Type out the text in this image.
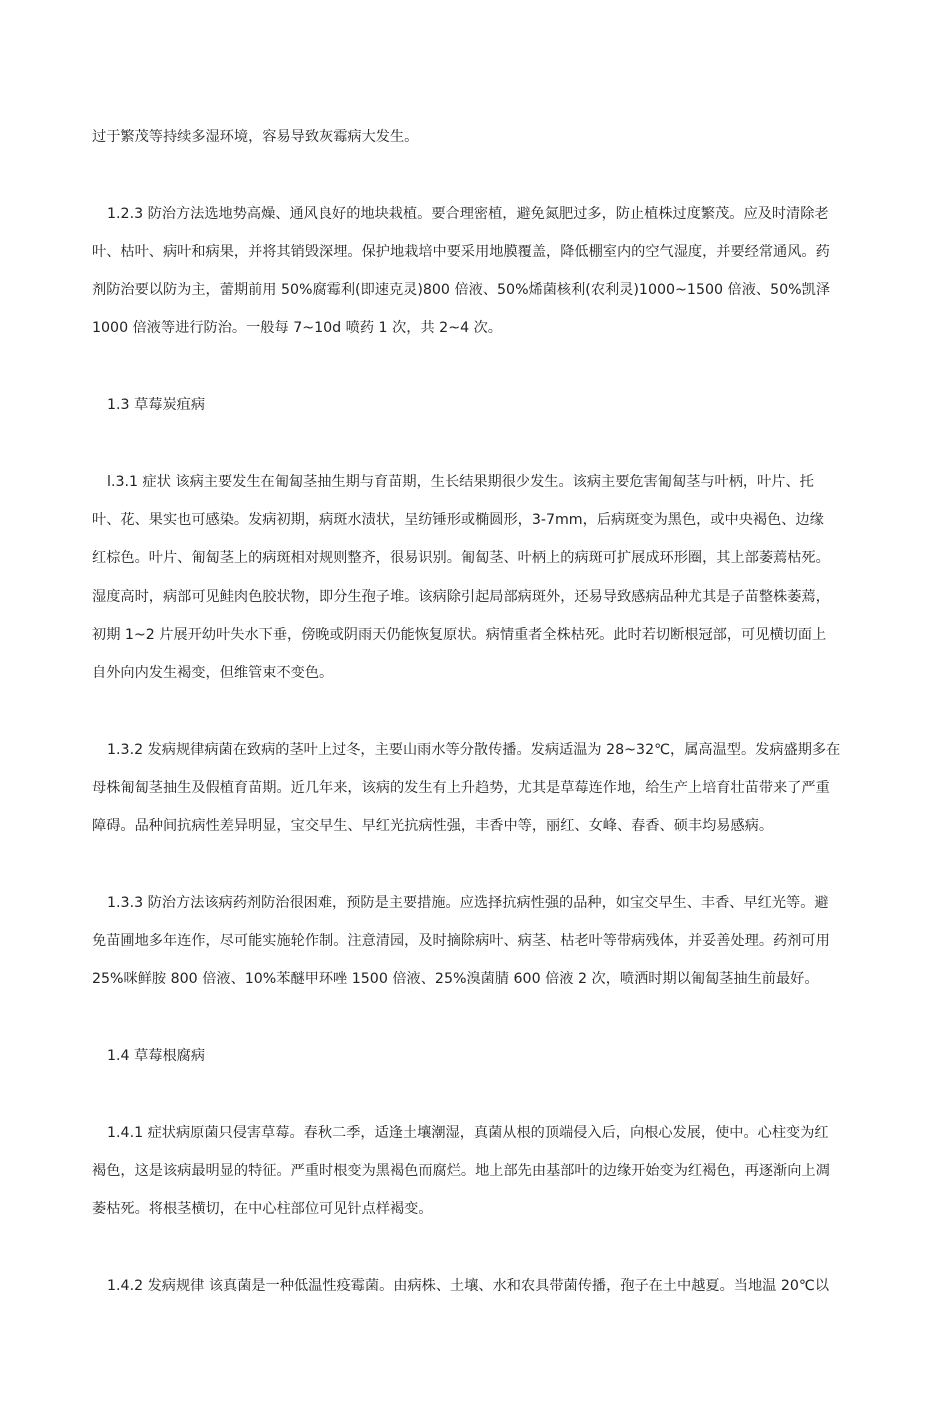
过于繁茂等持续多湿环境，容易导致灰霉病大发生。
1.2.3 防治方法选地势高燥、通风良好的地块栽植。要合理密植，避免氮肥过多，防止植株过度繁茂。应及时清除老
叶、枯叶、病叶和病果，并将其销毁深埋。保护地栽培中要采用地膜覆盖，降低棚室内的空气湿度，并要经常通风。药
剂防治要以防为主，蕾期前用 50%腐霉利(即速克灵)800 倍液、50%烯菌核利(农利灵)1000~1500 倍液、50%凯泽
1000 倍液等进行防治。一般每 7~10d 喷药 1 次，共 2~4 次。
1.3 草莓炭疽病
l.3.1 症状 该病主要发生在匍匐茎抽生期与育苗期，生长结果期很少发生。该病主要危害匍匐茎与叶柄，叶片、托
叶、花、果实也可感染。发病初期，病斑水渍状，呈纺锤形或椭圆形，3-7mm，后病斑变为黑色，或中央褐色、边缘
红棕色。叶片、匍匐茎上的病斑相对规则整齐，很易识别。匍匐茎、叶柄上的病斑可扩展成环形圈，其上部萎蔫枯死。
湿度高时，病部可见鲑肉色胶状物，即分生孢子堆。该病除引起局部病斑外，还易导致感病品种尤其是子苗整株萎蔫，
初期 1~2 片展开幼叶失水下垂，傍晚或阴雨天仍能恢复原状。病情重者全株枯死。此时若切断根冠部，可见横切面上
自外向内发生褐变，但维管束不变色。
1.3.2 发病规律病菌在致病的茎叶上过冬，主要山雨水等分散传播。发病适温为 28~32℃，属高温型。发病盛期多在
母株匍匐茎抽生及假植育苗期。近几年来，该病的发生有上升趋势，尤其是草莓连作地，给生产上培育壮苗带来了严重
障碍。品种间抗病性差异明显，宝交早生、早红光抗病性强，丰香中等，丽红、女峰、春香、硕丰均易感病。
1.3.3 防治方法该病药剂防治很困难，预防是主要措施。应选择抗病性强的品种，如宝交早生、丰香、早红光等。避
免苗圃地多年连作，尽可能实施轮作制。注意清园，及时摘除病叶、病茎、枯老叶等带病残体，并妥善处理。药剂可用
25%咪鲜胺 800 倍液、10%苯醚甲环唑 1500 倍液、25%溴菌腈 600 倍液 2 次，喷洒时期以匍匐茎抽生前最好。
1.4 草莓根腐病
1.4.1 症状病原菌只侵害草莓。春秋二季，适逢土壤潮湿，真菌从根的顶端侵入后，向根心发展，使中。心柱变为红
褐色，这是该病最明显的特征。严重时根变为黑褐色而腐烂。地上部先由基部叶的边缘开始变为红褐色，再逐渐向上凋
萎枯死。将根茎横切，在中心柱部位可见针点样褐变。
1.4.2 发病规律 该真菌是一种低温性疫霉菌。由病株、土壤、水和农具带菌传播，孢子在土中越夏。当地温 20℃以
